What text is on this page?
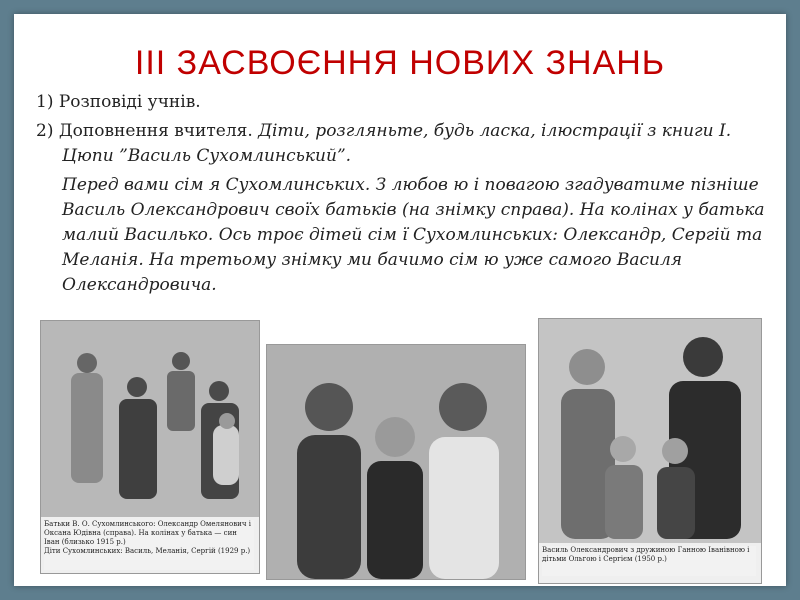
III ЗАСВОЄННЯ НОВИХ ЗНАНЬ

1) Розповіді учнів.

2) Доповнення вчителя. Діти, розгляньте, будь ласка, ілюстрації з книги І. Цюпи ”Василь Сухомлинський”.

Перед вами сім я Сухомлинських. З любов ю і повагою згадуватиме пізніше Василь Олександрович своїх батьків (на знімку справа). На колінах у батька малий Василько. Ось троє дітей сім ї Сухомлинських: Олександр, Сергій та Меланія. На третьому знімку ми бачимо сім ю уже самого Василя Олександровича.

Батьки В. О. Сухомлинського: Олександр Омелянович і Оксана Юдівна (справа). На колінах у батька — син Іван (близько 1915 р.)
Діти Сухомлинських: Василь, Меланія, Сергій (1929 р.)	Василь Олександрович з дружиною Ганною Іванівною і дітьми Ольгою і Сергієм (1950 р.)
